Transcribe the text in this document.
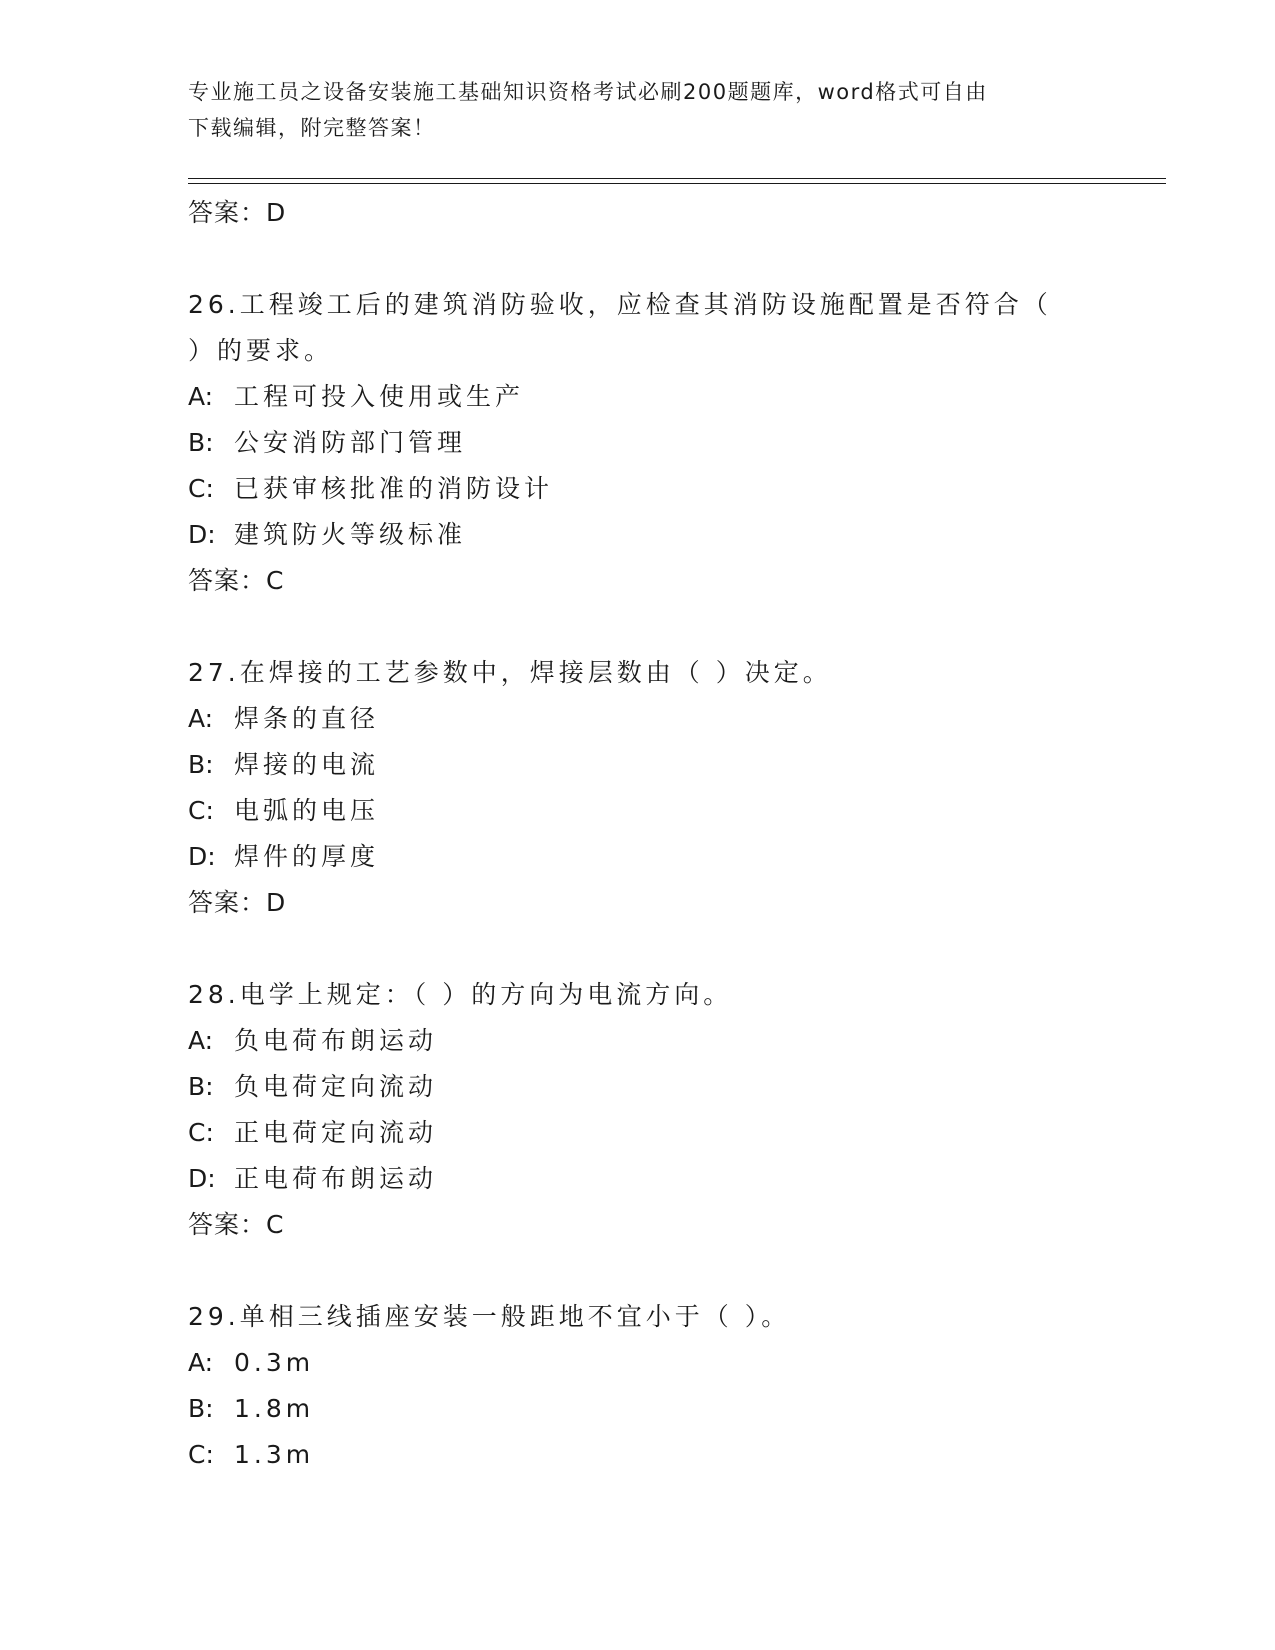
专业施工员之设备安装施工基础知识资格考试必刷200题题库，word格式可自由
下载编辑，附完整答案！
答案：D
26.工程竣工后的建筑消防验收，应检查其消防设施配置是否符合（
）的要求。
A: 工程可投入使用或生产
B: 公安消防部门管理
C: 已获审核批准的消防设计
D: 建筑防火等级标准
答案：C
27.在焊接的工艺参数中，焊接层数由（ ）决定。
A: 焊条的直径
B: 焊接的电流
C: 电弧的电压
D: 焊件的厚度
答案：D
28.电学上规定：（ ）的方向为电流方向。
A: 负电荷布朗运动
B: 负电荷定向流动
C: 正电荷定向流动
D: 正电荷布朗运动
答案：C
29.单相三线插座安装一般距地不宜小于（ ）。
A: 0.3m
B: 1.8m
C: 1.3m
